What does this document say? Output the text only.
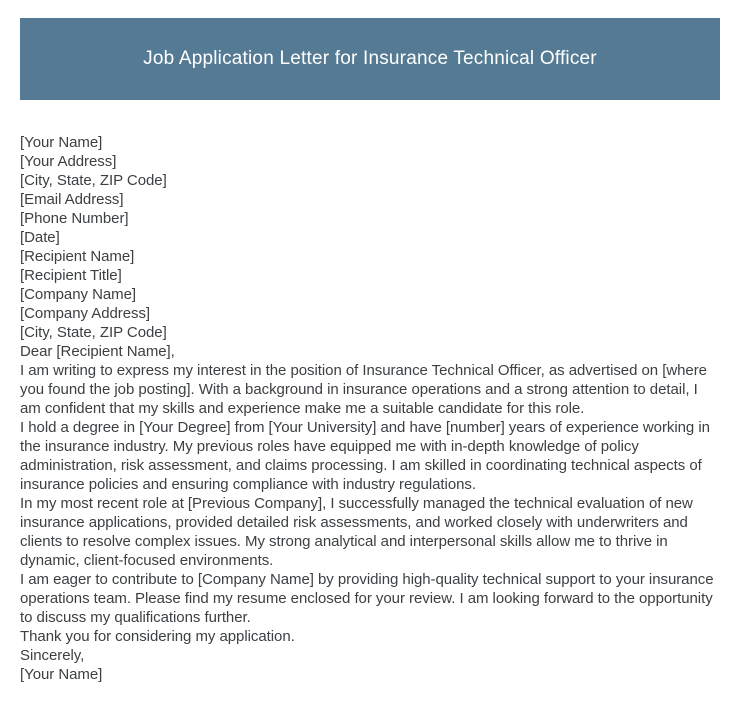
Job Application Letter for Insurance Technical Officer
[Your Name]
[Your Address]
[City, State, ZIP Code]
[Email Address]
[Phone Number]
[Date]
[Recipient Name]
[Recipient Title]
[Company Name]
[Company Address]
[City, State, ZIP Code]
Dear [Recipient Name],

I am writing to express my interest in the position of Insurance Technical Officer, as advertised on [where you found the job posting]. With a background in insurance operations and a strong attention to detail, I am confident that my skills and experience make me a suitable candidate for this role.

I hold a degree in [Your Degree] from [Your University] and have [number] years of experience working in the insurance industry. My previous roles have equipped me with in-depth knowledge of policy administration, risk assessment, and claims processing. I am skilled in coordinating technical aspects of insurance policies and ensuring compliance with industry regulations.

In my most recent role at [Previous Company], I successfully managed the technical evaluation of new insurance applications, provided detailed risk assessments, and worked closely with underwriters and clients to resolve complex issues. My strong analytical and interpersonal skills allow me to thrive in dynamic, client-focused environments.

I am eager to contribute to [Company Name] by providing high-quality technical support to your insurance operations team. Please find my resume enclosed for your review. I am looking forward to the opportunity to discuss my qualifications further.

Thank you for considering my application.
Sincerely,
[Your Name]
